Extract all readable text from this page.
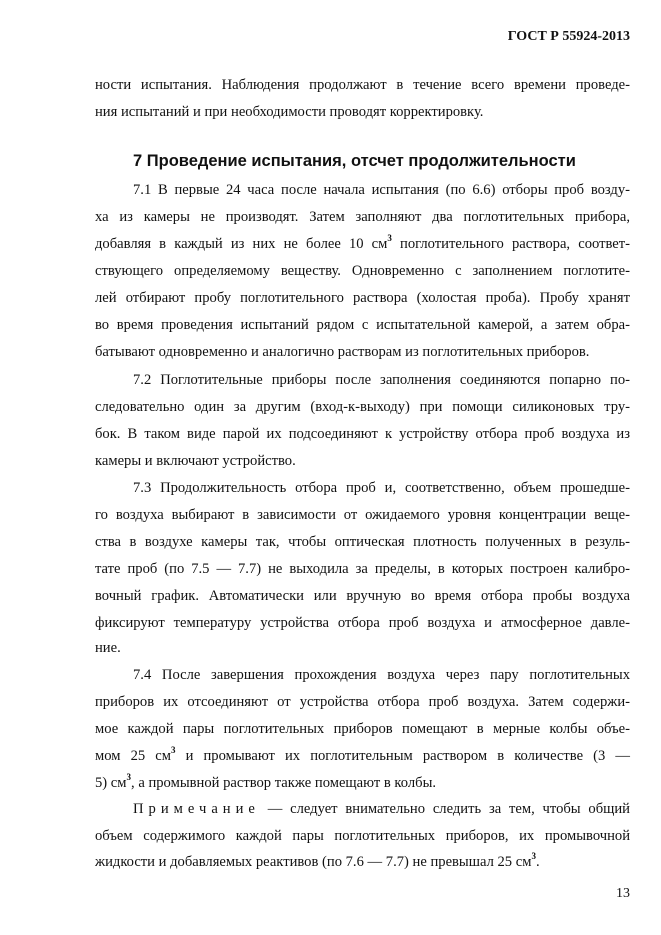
ГОСТ Р 55924-2013
7 Проведение испытания, отсчет продолжительности
ности испытания. Наблюдения продолжают в течение всего времени проведе-
ния испытаний и при необходимости проводят корректировку.
7.1 В первые 24 часа после начала испытания (по 6.6) отборы проб возду-
ха из камеры не производят. Затем заполняют два поглотительных прибора,
добавляя в каждый из них не более 10 $см^3$ поглотительного раствора, соответ-
ствующего определяемому веществу. Одновременно с заполнением поглотите-
лей отбирают пробу поглотительного раствора (холостая проба). Пробу хранят
во время проведения испытаний рядом с испытательной камерой, а затем обра-
батывают одновременно и аналогично растворам из поглотительных приборов.
7.2 Поглотительные приборы после заполнения соединяются попарно по-
следовательно один за другим (вход-к-выходу) при помощи силиконовых тру-
бок. В таком виде парой их подсоединяют к устройству отбора проб воздуха из
камеры и включают устройство.
7.3 Продолжительность отбора проб и, соответственно, объем прошедше-
го воздуха выбирают в зависимости от ожидаемого уровня концентрации веще-
ства в воздухе камеры так, чтобы оптическая плотность полученных в резуль-
тате проб (по 7.5 — 7.7) не выходила за пределы, в которых построен калибро-
вочный график. Автоматически или вручную во время отбора пробы воздуха
фиксируют температуру устройства отбора проб воздуха и атмосферное давле-
ние.
7.4 После завершения прохождения воздуха через пару поглотительных
приборов их отсоединяют от устройства отбора проб воздуха. Затем содержи-
мое каждой пары поглотительных приборов помещают в мерные колбы объе-
мом 25 $см^3$ и промывают их поглотительным раствором в количестве (3 —
5) $см^3$, а промывной раствор также помещают в колбы.
Примечание — следует внимательно следить за тем, чтобы общий
объем содержимого каждой пары поглотительных приборов, их промывочной
жидкости и добавляемых реактивов (по 7.6 — 7.7) не превышал 25 $см^3$.
13
